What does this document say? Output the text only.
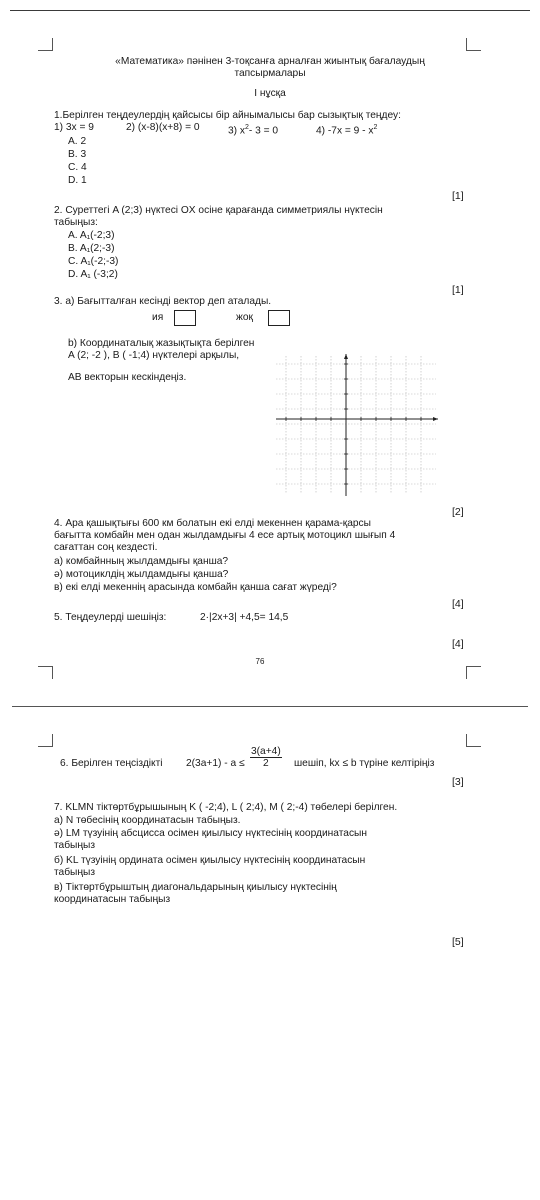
«Математика» пәнінен 3-тоқсанға арналған жиынтық бағалаудың
тапсырмалары
І нұсқа
1.Берілген теңдеулердің қайсысы бір айнымалысы бар сызықтық теңдеу:
1) 3x = 9	2) (x-8)(x+8) = 0	3) $x^2-$ 3 = 0	4) $-7x = 9 - x^2$
A. 2
B. 3
C. 4
D. 1
[1]
2. Суреттегі A (2;3) нүктесі OX осіне қарағанда симметриялы нүктесін
табыңыз:
A. A₁(-2;3)
B. A₁(2;-3)
C. A₁(-2;-3)
D. A₁ (-3;2)
[1]
3. a) Бағытталған кесінді вектор деп аталады.
ия	жоқ
b) Координаталық жазықтықта берілген
A (2; -2 ), B ( -1;4) нүктелері арқылы,
AB векторын кескіндеңіз.
[2]
4. Ара қашықтығы 600 км болатын екі елді мекеннен қарама-қарсы
бағытта комбайн мен одан жылдамдығы 4 есе артық мотоцикл шығып 4
сағаттан соң кездесті.
а) комбайнның жылдамдығы қанша?
ә) мотоциклдің жылдамдығы қанша?
в) екі елді мекеннің арасында комбайн қанша сағат жүреді?
[4]
5. Теңдеулерді шешіңіз:	2·|2x+3| +4,5= 14,5
[4]
76
6. Берілген теңсіздікті $2(3a+1) - a \le \frac{3(a+4)}{2}$ шешіп, kx ≤ b түріне келтіріңіз
[3]
7. KLMN тіктөртбұрышының K ( -2;4), L ( 2;4), M ( 2;-4) төбелері берілген.
а) N төбесінің координатасын табыңыз.
ә) LM түзуінің абсциссa осімен қиылысу нүктесінің координатасын
табыңыз
б) KL түзуінің ордината осімен қиылысу нүктесінің координатасын
табыңыз
в) Тіктөртбұрыштың диагональдарының қиылысу нүктесінің
координатасын табыңыз
[5]
